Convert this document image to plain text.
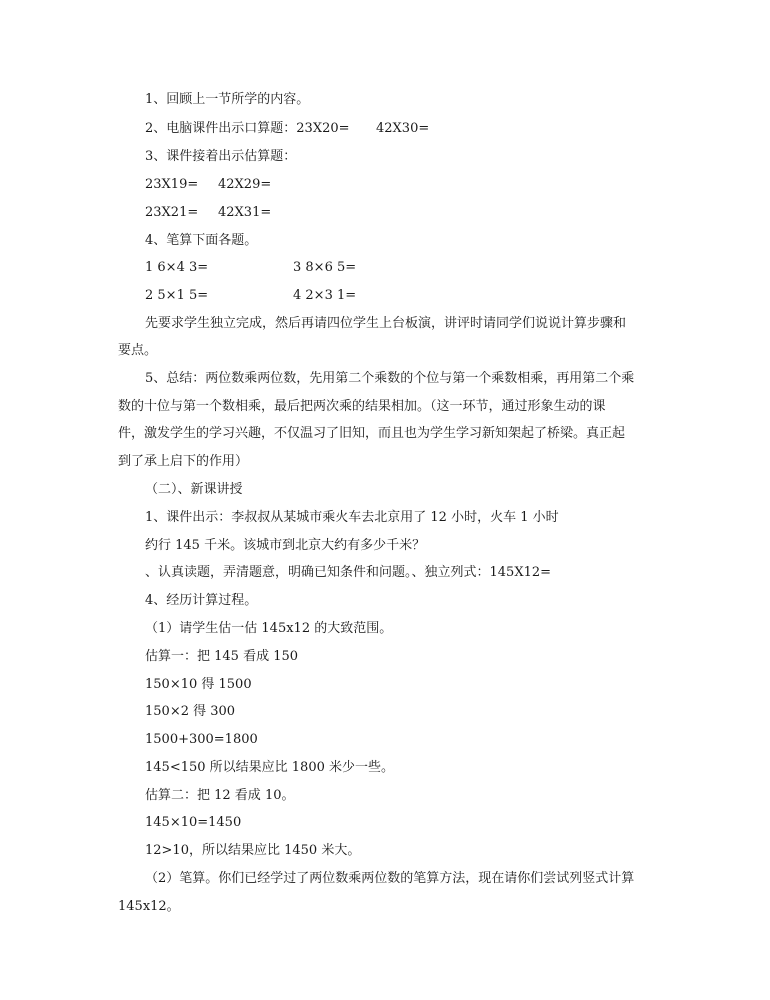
1、回顾上一节所学的内容。
2、电脑课件出示口算题：23X20= 42X30=
3、课件接着出示估算题：
23X19= 42X29=
23X21= 42X31=
4、笔算下面各题。
1 6×4 3=	3 8×6 5=
2 5×1 5=	4 2×3 1=
先要求学生独立完成，然后再请四位学生上台板演，讲评时请同学们说说计算步骤和
要点。
5、总结：两位数乘两位数，先用第二个乘数的个位与第一个乘数相乘，再用第二个乘
数的十位与第一个数相乘，最后把两次乘的结果相加。（这一环节，通过形象生动的课
件，激发学生的学习兴趣，不仅温习了旧知，而且也为学生学习新知架起了桥梁。真正起
到了承上启下的作用）
（二）、新课讲授
1、课件出示：李叔叔从某城市乘火车去北京用了 12 小时，火车 1 小时
约行 145 千米。该城市到北京大约有多少千米？
、认真读题，弄清题意，明确已知条件和问题。、独立列式：145X12=
4、经历计算过程。
（1）请学生估一估 145x12 的大致范围。
估算一：把 145 看成 150
150×10 得 1500
150×2 得 300
1500+300=1800
145<150 所以结果应比 1800 米少一些。
估算二：把 12 看成 10。
145×10=1450
12>10，所以结果应比 1450 米大。
（2）笔算。你们已经学过了两位数乘两位数的笔算方法，现在请你们尝试列竖式计算
145x12。
